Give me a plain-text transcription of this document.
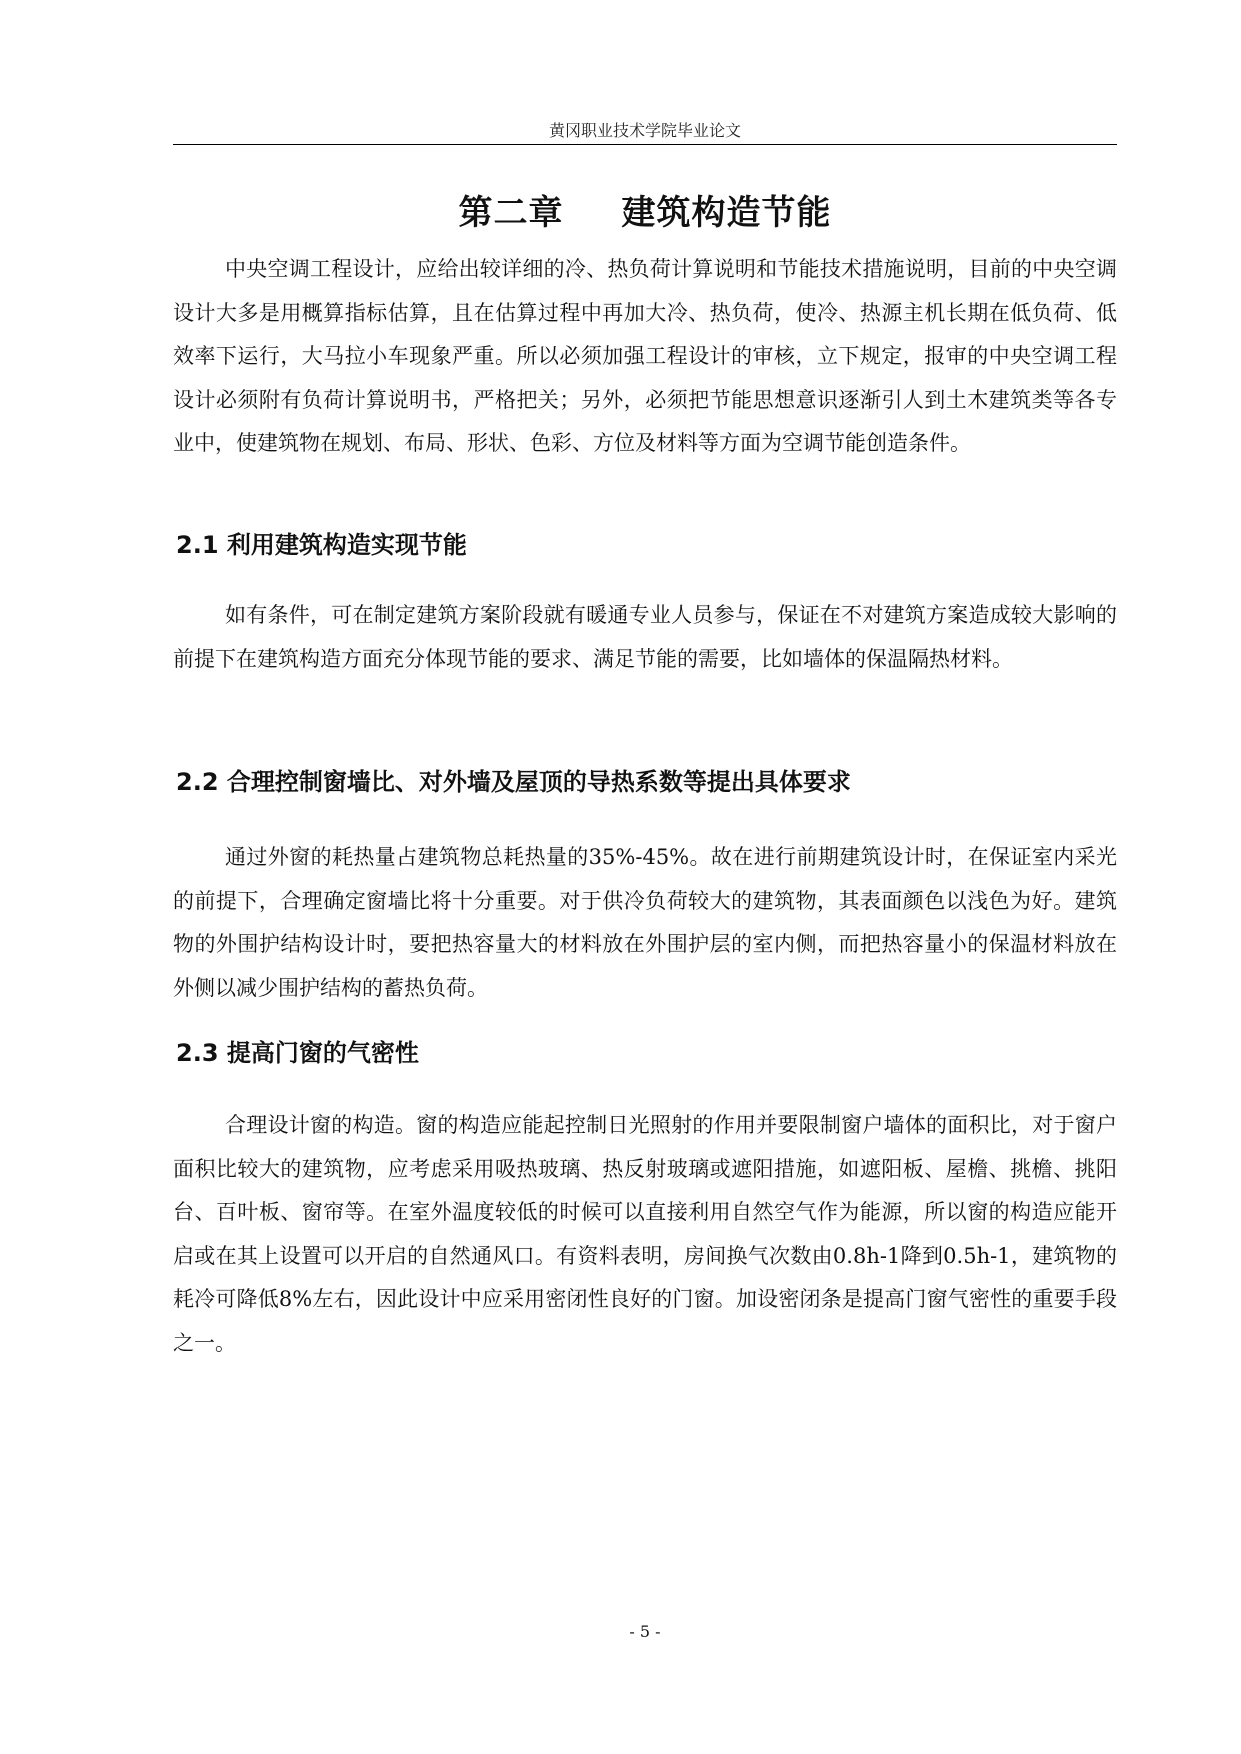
黄冈职业技术学院毕业论文
第二章 建筑构造节能

中央空调工程设计，应给出较详细的冷、热负荷计算说明和节能技术措施说明，目前的中央空调设计大多是用概算指标估算，且在估算过程中再加大冷、热负荷，使冷、热源主机长期在低负荷、低效率下运行，大马拉小车现象严重。所以必须加强工程设计的审核，立下规定，报审的中央空调工程设计必须附有负荷计算说明书，严格把关；另外，必须把节能思想意识逐渐引人到土木建筑类等各专业中，使建筑物在规划、布局、形状、色彩、方位及材料等方面为空调节能创造条件。

2.1 利用建筑构造实现节能

如有条件，可在制定建筑方案阶段就有暖通专业人员参与，保证在不对建筑方案造成较大影响的前提下在建筑构造方面充分体现节能的要求、满足节能的需要，比如墙体的保温隔热材料。

2.2 合理控制窗墙比、对外墙及屋顶的导热系数等提出具体要求

通过外窗的耗热量占建筑物总耗热量的35%-45%。故在进行前期建筑设计时，在保证室内采光的前提下，合理确定窗墙比将十分重要。对于供冷负荷较大的建筑物，其表面颜色以浅色为好。建筑物的外围护结构设计时，要把热容量大的材料放在外围护层的室内侧，而把热容量小的保温材料放在外侧以减少围护结构的蓄热负荷。

2.3 提高门窗的气密性

合理设计窗的构造。窗的构造应能起控制日光照射的作用并要限制窗户墙体的面积比，对于窗户面积比较大的建筑物，应考虑采用吸热玻璃、热反射玻璃或遮阳措施，如遮阳板、屋檐、挑檐、挑阳台、百叶板、窗帘等。在室外温度较低的时候可以直接利用自然空气作为能源，所以窗的构造应能开启或在其上设置可以开启的自然通风口。有资料表明，房间换气次数由0.8h-1降到0.5h-1，建筑物的耗冷可降低8%左右，因此设计中应采用密闭性良好的门窗。加设密闭条是提高门窗气密性的重要手段之一。

- 5 -
